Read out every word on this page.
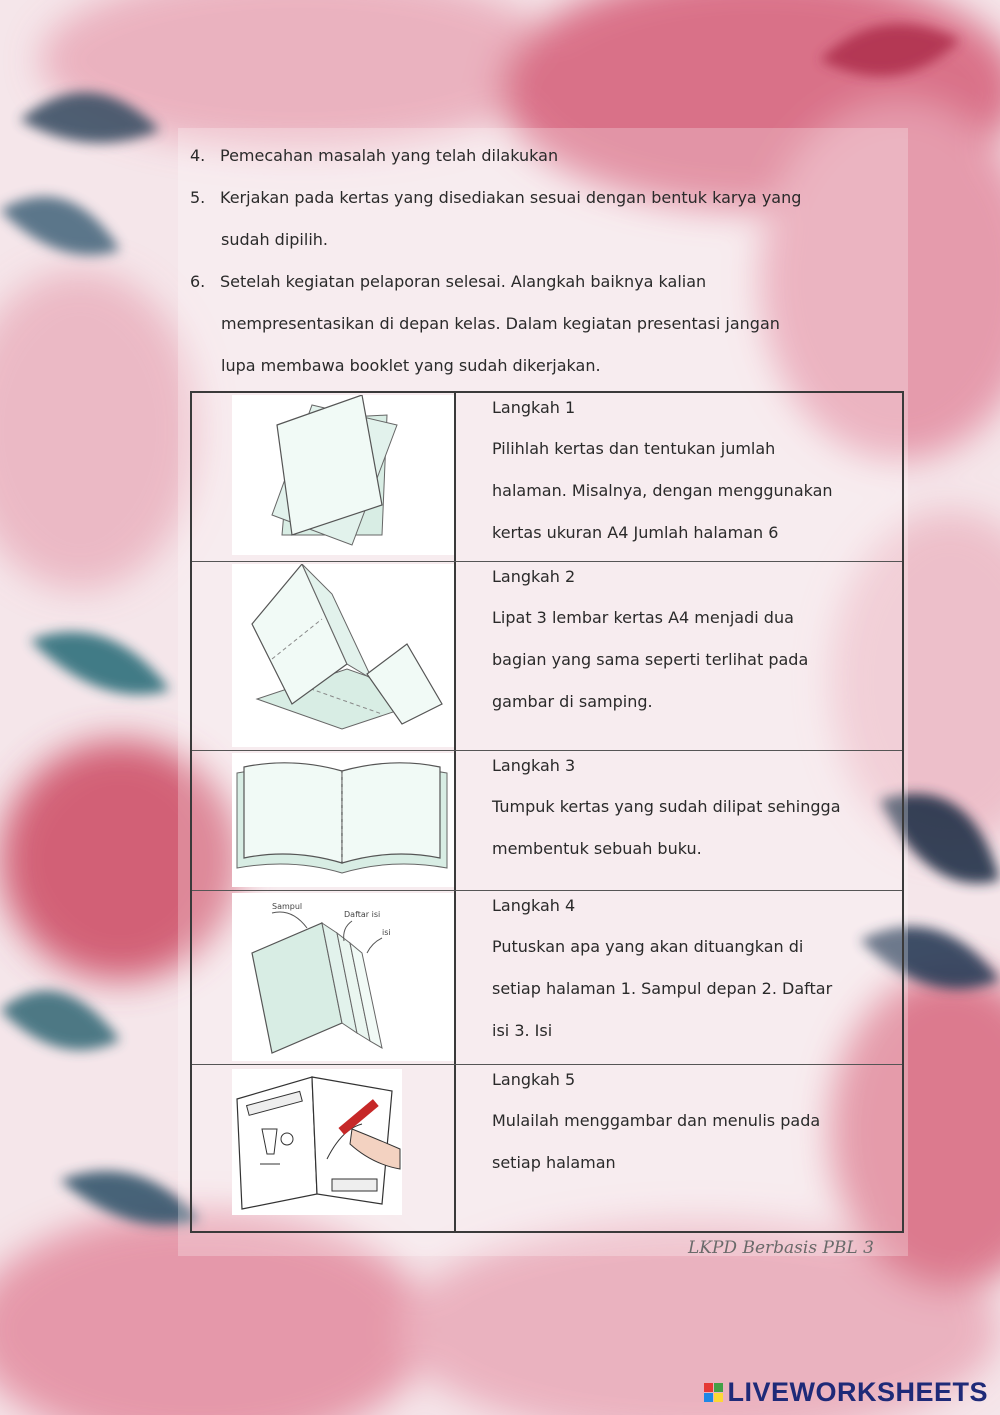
4. Pemecahan masalah yang telah dilakukan
5. Kerjakan pada kertas yang disediakan sesuai dengan bentuk karya yang
sudah dipilih.
6. Setelah kegiatan pelaporan selesai. Alangkah baiknya kalian
mempresentasikan di depan kelas. Dalam kegiatan presentasi jangan
lupa membawa booklet yang sudah dikerjakan.
Langkah 1
Pilihlah kertas dan tentukan jumlah
halaman. Misalnya, dengan menggunakan
kertas ukuran A4 Jumlah halaman 6
Langkah 2
Lipat 3 lembar kertas A4 menjadi dua
bagian yang sama seperti terlihat pada
gambar di samping.
Langkah 3
Tumpuk kertas yang sudah dilipat sehingga
membentuk sebuah buku.
Sampul
Daftar isi
isi
Langkah 4
Putuskan apa yang akan dituangkan di
setiap halaman 1. Sampul depan 2. Daftar
isi 3. Isi
Langkah 5
Mulailah menggambar dan menulis pada
setiap halaman
LKPD Berbasis PBL 3
LIVEWORKSHEETS
